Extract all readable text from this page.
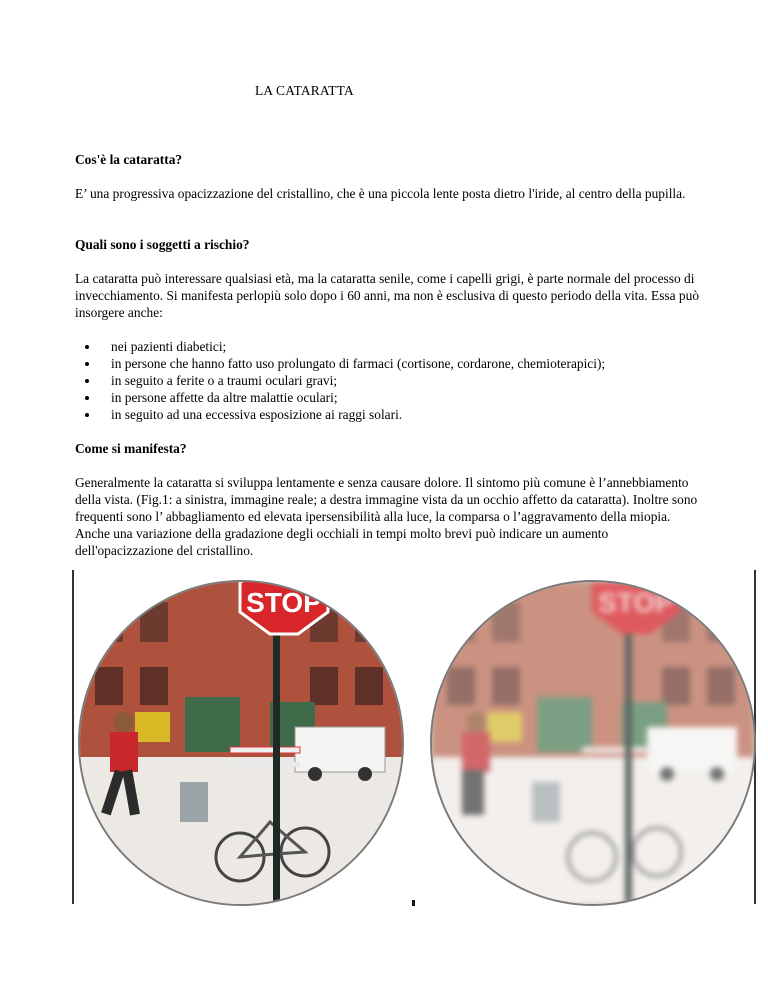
LA CATARATTA

Cos'è la cataratta?

E’ una progressiva opacizzazione del cristallino, che è una piccola lente posta dietro l'iride, al centro della pupilla.

Quali sono i soggetti a rischio?

La cataratta può interessare qualsiasi età, ma la cataratta senile, come i capelli grigi, è parte normale del processo di invecchiamento. Si manifesta perlopiù solo dopo i 60 anni, ma non è esclusiva di questo periodo della vita. Essa può insorgere anche:

nei pazienti diabetici;
in persone che hanno fatto uso prolungato di farmaci (cortisone, cordarone, chemioterapici);
in seguito a ferite o a traumi oculari gravi;
in persone affette da altre malattie oculari;
in seguito ad una eccessiva esposizione ai raggi solari.

Come si manifesta?

Generalmente la cataratta si sviluppa lentamente e senza causare dolore. Il sintomo più comune è l’annebbiamento della vista. (Fig.1: a sinistra, immagine reale; a destra immagine vista da un occhio affetto da cataratta). Inoltre sono frequenti sono l’ abbagliamento ed elevata ipersensibilità alla luce, la comparsa o l’aggravamento della miopia. Anche una variazione della gradazione degli occhiali in tempi molto brevi può indicare un aumento dell'opacizzazione del cristallino.

STOP	STOP
